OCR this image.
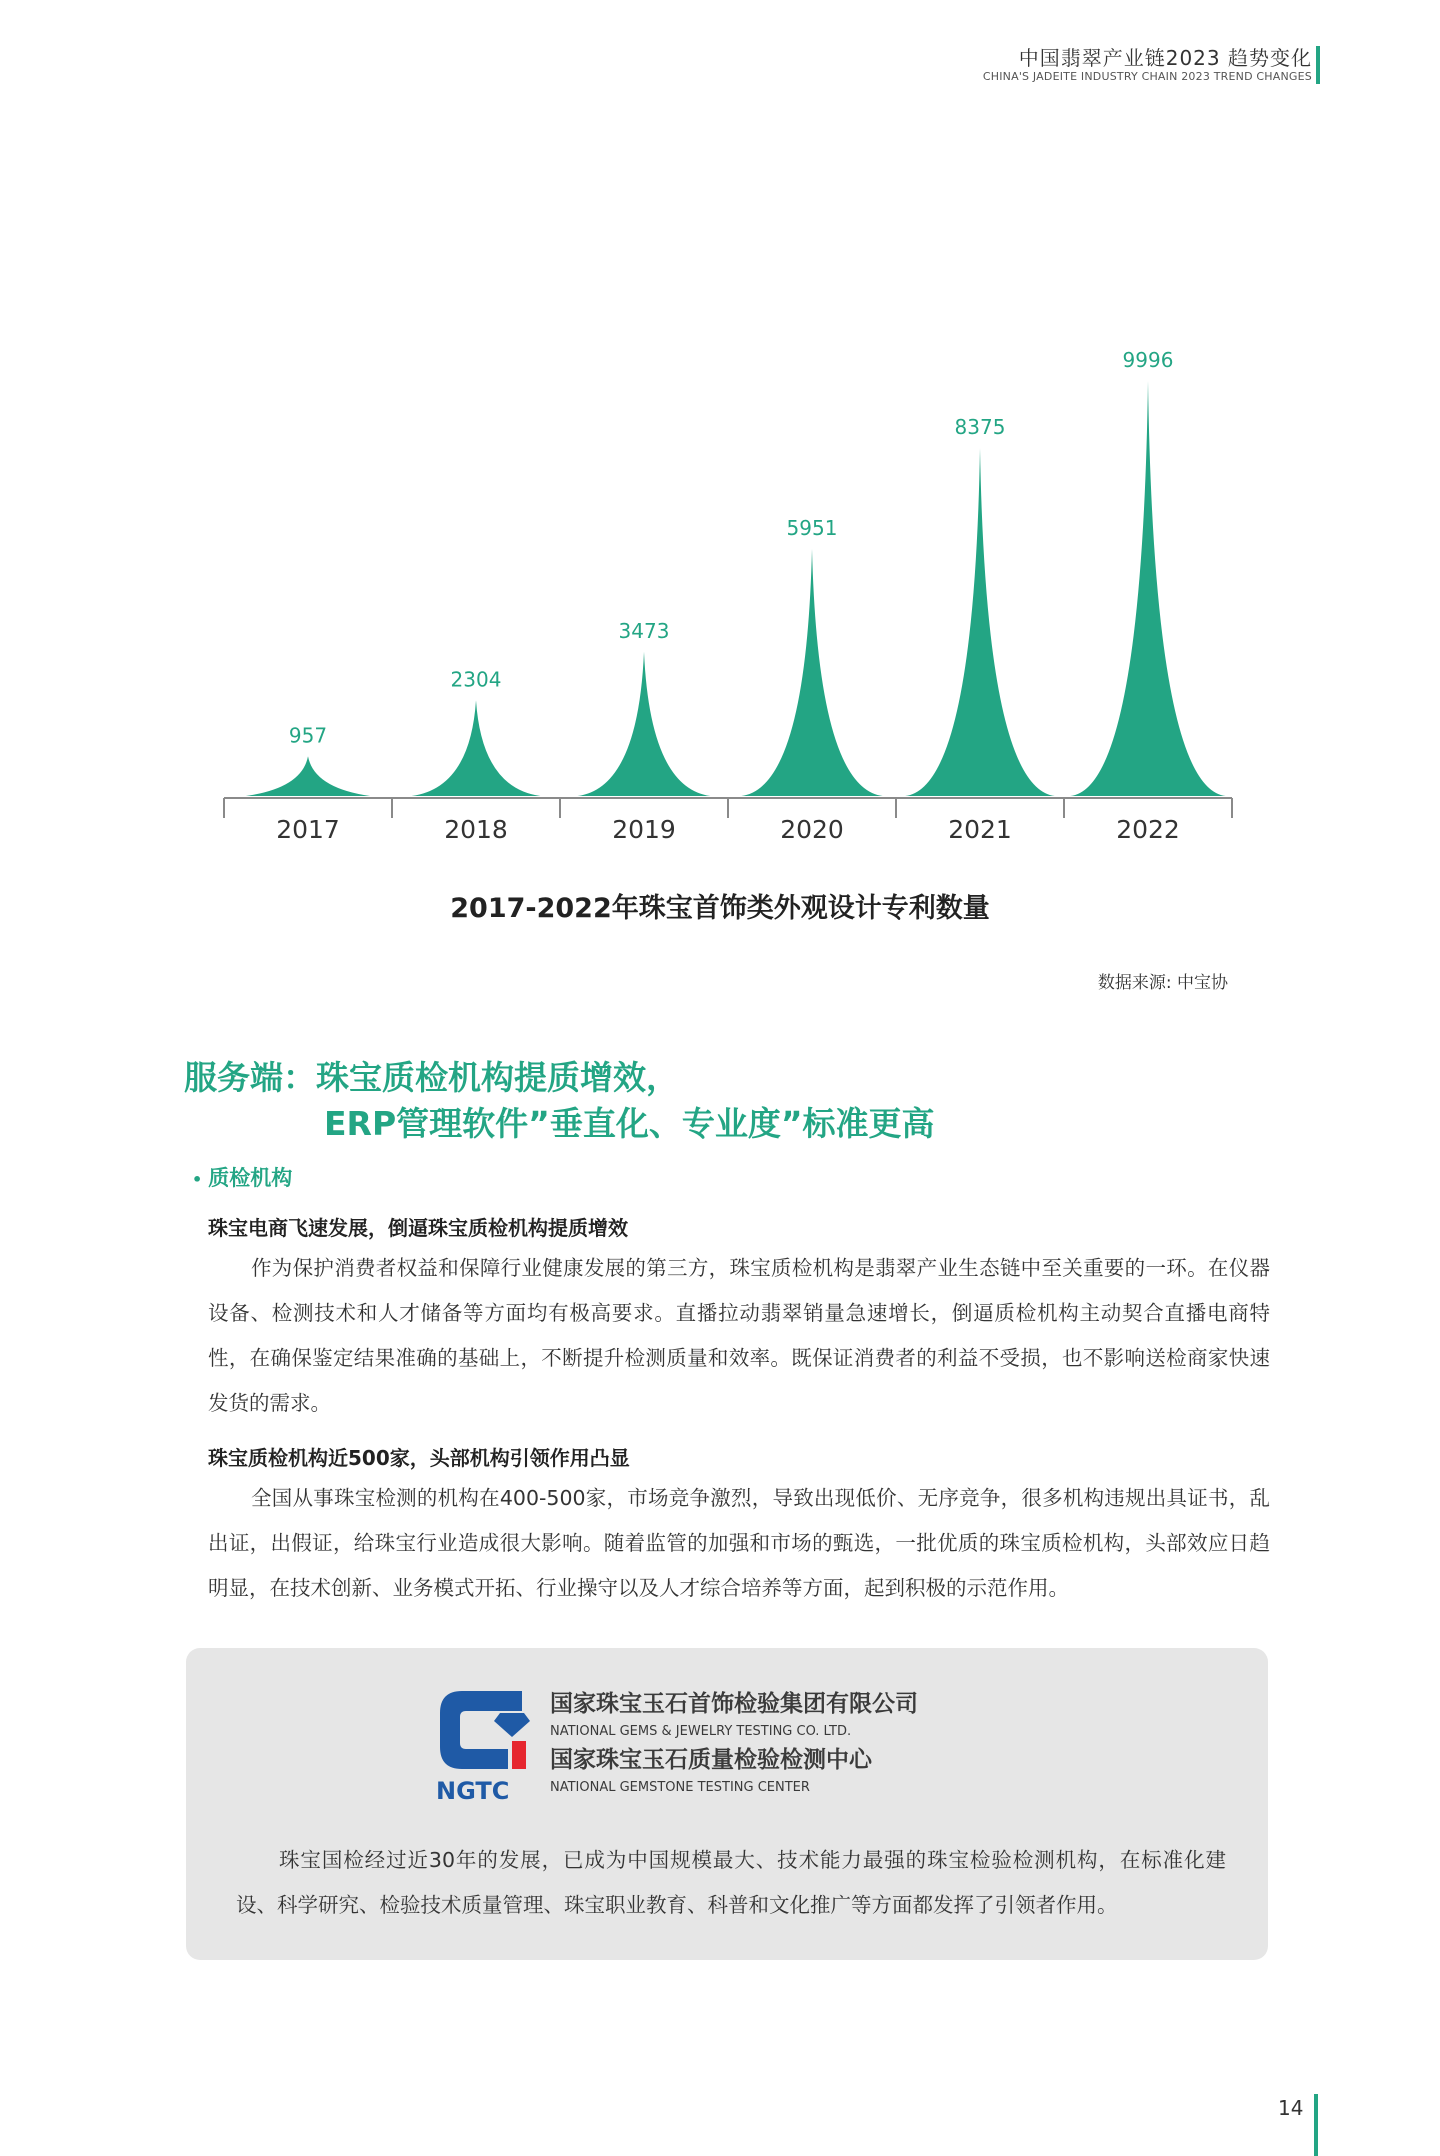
中国翡翠产业链2023 趋势变化
CHINA'S JADEITE INDUSTRY CHAIN 2023 TREND CHANGES
957
2017
2304
2018
3473
2019
5951
2020
8375
2021
9996
2022
2017-2022年珠宝首饰类外观设计专利数量
数据来源: 中宝协
服务端：珠宝质检机构提质增效，
ERP管理软件”垂直化、专业度”标准更高
• 质检机构
珠宝电商飞速发展，倒逼珠宝质检机构提质增效
作为保护消费者权益和保障行业健康发展的第三方，珠宝质检机构是翡翠产业生态链中至关重要的一环。在仪器设备、检测技术和人才储备等方面均有极高要求。直播拉动翡翠销量急速增长，倒逼质检机构主动契合直播电商特性，在确保鉴定结果准确的基础上，不断提升检测质量和效率。既保证消费者的利益不受损，也不影响送检商家快速发货的需求。
珠宝质检机构近500家，头部机构引领作用凸显
全国从事珠宝检测的机构在400-500家，市场竞争激烈，导致出现低价、无序竞争，很多机构违规出具证书，乱出证，出假证，给珠宝行业造成很大影响。随着监管的加强和市场的甄选，一批优质的珠宝质检机构，头部效应日趋明显，在技术创新、业务模式开拓、行业操守以及人才综合培养等方面，起到积极的示范作用。
NGTC
国家珠宝玉石首饰检验集团有限公司
NATIONAL GEMS & JEWELRY TESTING CO. LTD.
国家珠宝玉石质量检验检测中心
NATIONAL GEMSTONE TESTING CENTER
珠宝国检经过近30年的发展，已成为中国规模最大、技术能力最强的珠宝检验检测机构，在标准化建设、科学研究、检验技术质量管理、珠宝职业教育、科普和文化推广等方面都发挥了引领者作用。
14
